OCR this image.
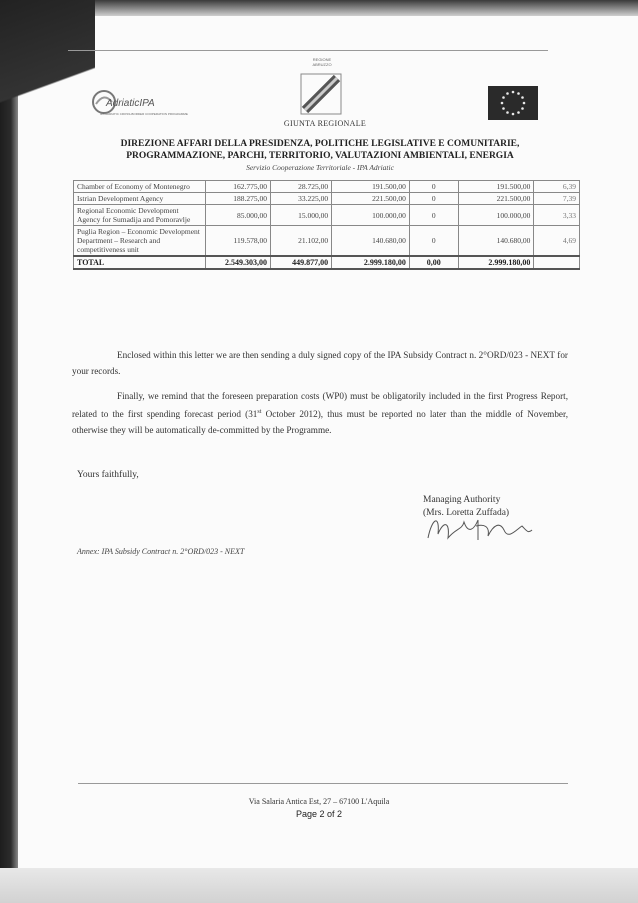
AdriaticIPA
IPA ADRIATIC CROSS-BORDER COOPERATION PROGRAMME
REGIONE
ABRUZZO
GIUNTA REGIONALE
DIREZIONE AFFARI DELLA PRESIDENZA, POLITICHE LEGISLATIVE E COMUNITARIE,
PROGRAMMAZIONE, PARCHI, TERRITORIO, VALUTAZIONI AMBIENTALI, ENERGIA
Servizio Cooperazione Territoriale - IPA Adriatic
Chamber of Economy of Montenegro	162.775,00	28.725,00	191.500,00	0	191.500,00	6,39
Istrian Development Agency	188.275,00	33.225,00	221.500,00	0	221.500,00	7,39
Regional Economic Development Agency for Sumadija and Pomoravlje	85.000,00	15.000,00	100.000,00	0	100.000,00	3,33
Puglia Region – Economic Development Department – Research and competitiveness unit	119.578,00	21.102,00	140.680,00	0	140.680,00	4,69
TOTAL	2.549.303,00	449.877,00	2.999.180,00	0,00	2.999.180,00	
Enclosed within this letter we are then sending a duly signed copy of the IPA Subsidy Contract n. 2°ORD/023 - NEXT for your records.
Finally, we remind that the foreseen preparation costs (WP0) must be obligatorily included in the first Progress Report, related to the first spending forecast period (31st October 2012), thus must be reported no later than the middle of November, otherwise they will be automatically de-committed by the Programme.
Yours faithfully,
Managing Authority
(Mrs. Loretta Zuffada)
Annex: IPA Subsidy Contract n. 2°ORD/023 - NEXT
Via Salaria Antica Est, 27 – 67100 L'Aquila
Page 2 of 2
